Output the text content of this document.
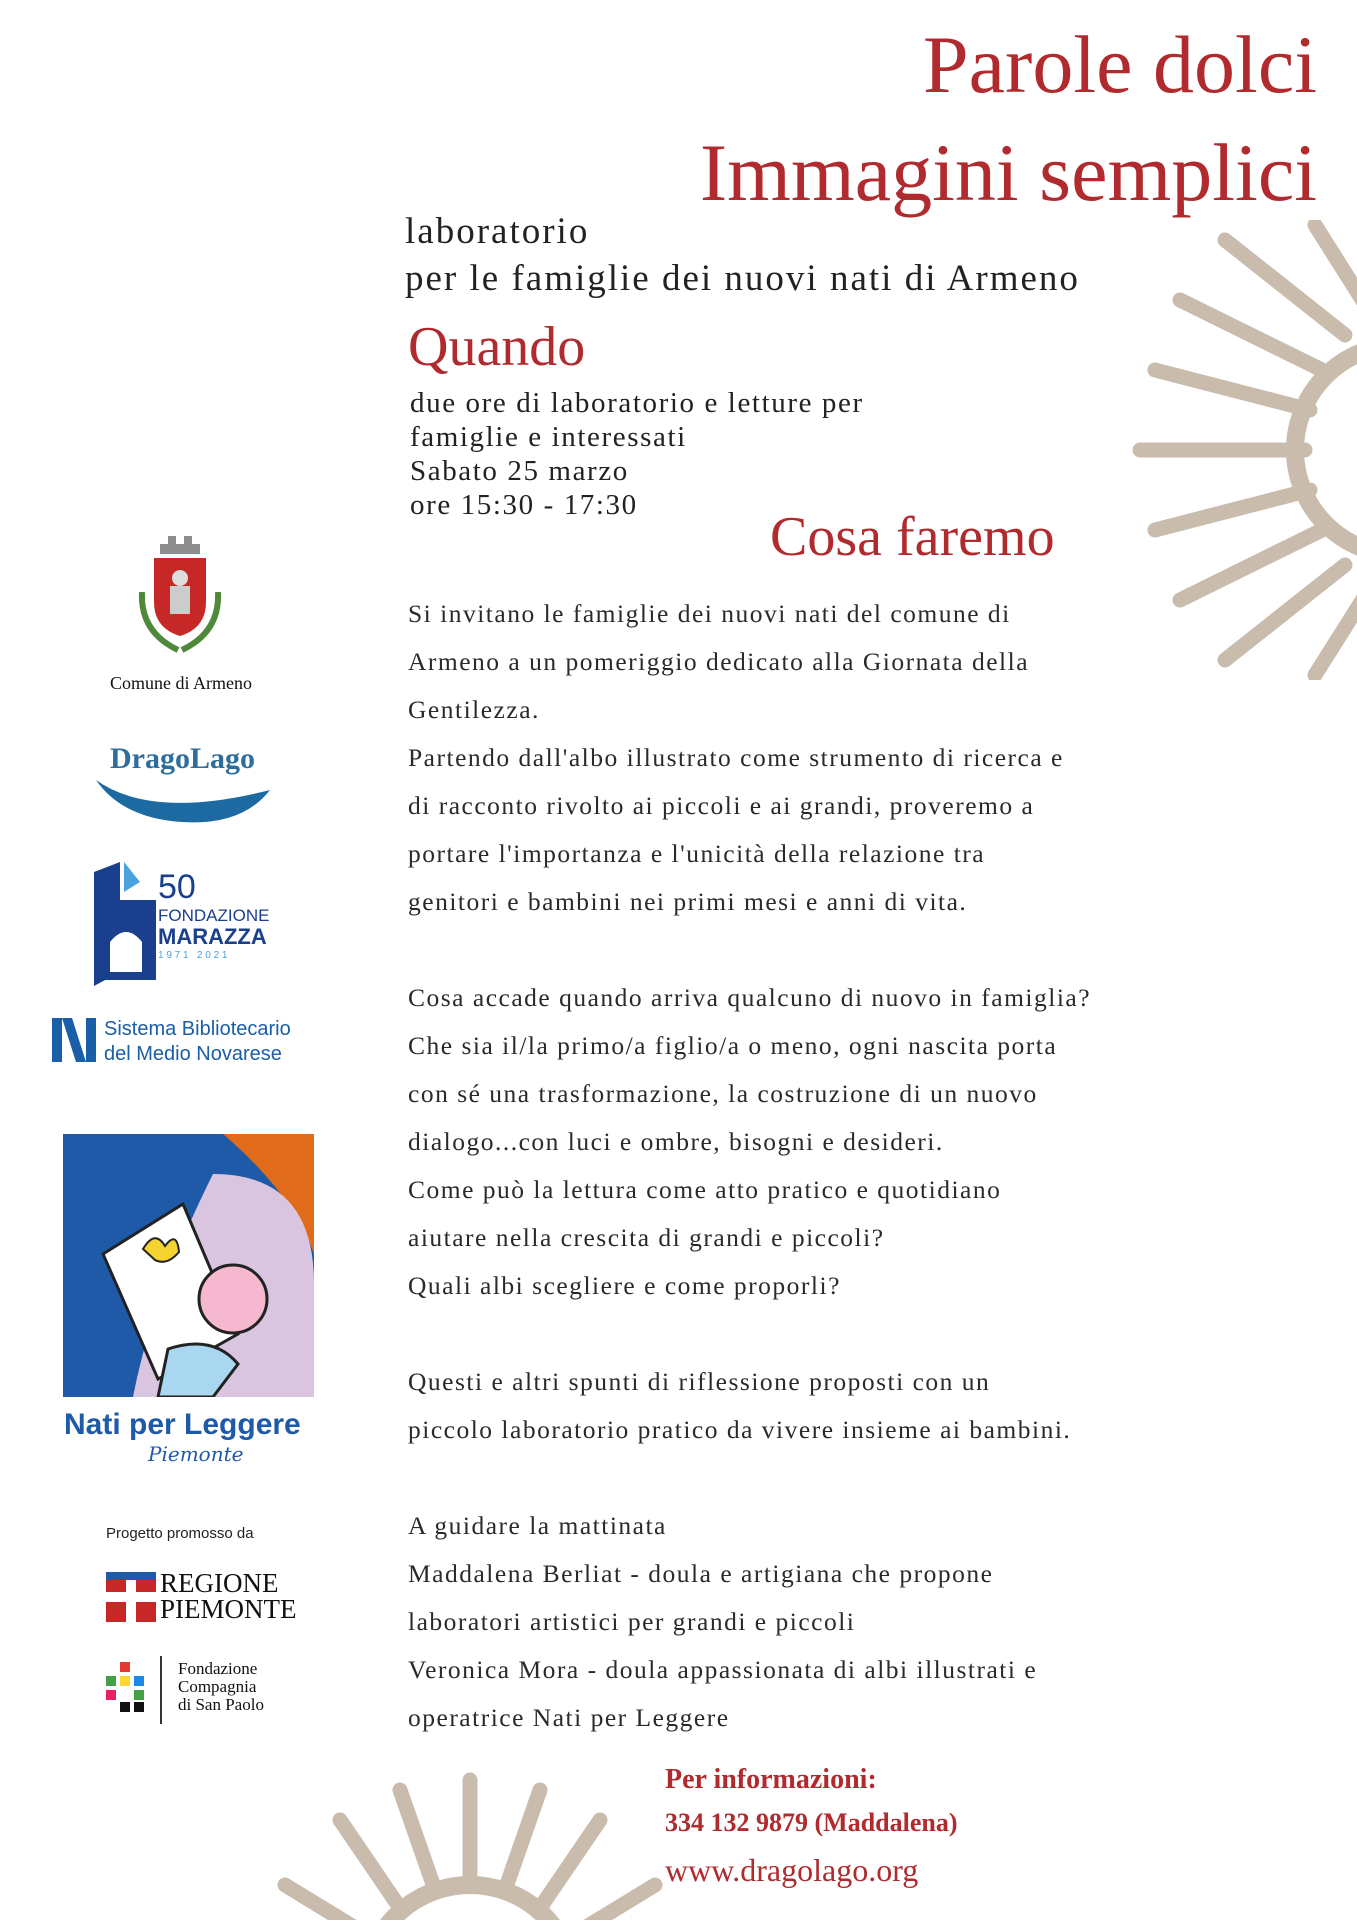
Parole dolci
Immagini semplici
laboratorio
per le famiglie dei nuovi nati di Armeno
Quando
due ore di laboratorio e letture per
famiglie e interessati
Sabato 25 marzo
ore 15:30 - 17:30
Cosa faremo

Si invitano le famiglie dei nuovi nati del comune di

Armeno a un pomeriggio dedicato alla Giornata della

Gentilezza.

Partendo dall'albo illustrato come strumento di ricerca e

di racconto rivolto ai piccoli e ai grandi, proveremo a

portare l'importanza e l'unicità della relazione tra

genitori e bambini nei primi mesi e anni di vita.

Cosa accade quando arriva qualcuno di nuovo in famiglia?

Che sia il/la primo/a figlio/a o meno, ogni nascita porta

con sé una trasformazione, la costruzione di un nuovo

dialogo...con luci e ombre, bisogni e desideri.

Come può la lettura come atto pratico e quotidiano

aiutare nella crescita di grandi e piccoli?

Quali albi scegliere e come proporli?

Questi e altri spunti di riflessione proposti con un

piccolo laboratorio pratico da vivere insieme ai bambini.

A guidare la mattinata

Maddalena Berliat - doula e artigiana che propone

laboratori artistici per grandi e piccoli

Veronica Mora - doula appassionata di albi illustrati e

operatrice Nati per Leggere

Per informazioni:
334 132 9879 (Maddalena)
www.dragolago.org
Comune di Armeno
DragoLago
50
FONDAZIONE
MARAZZA
1 9 7 1   2 0 2 1
Sistema Bibliotecario
del Medio Novarese
Nati per Leggere
Piemonte
Progetto promosso da
REGIONE
PIEMONTE
Fondazione
Compagnia
di San Paolo
